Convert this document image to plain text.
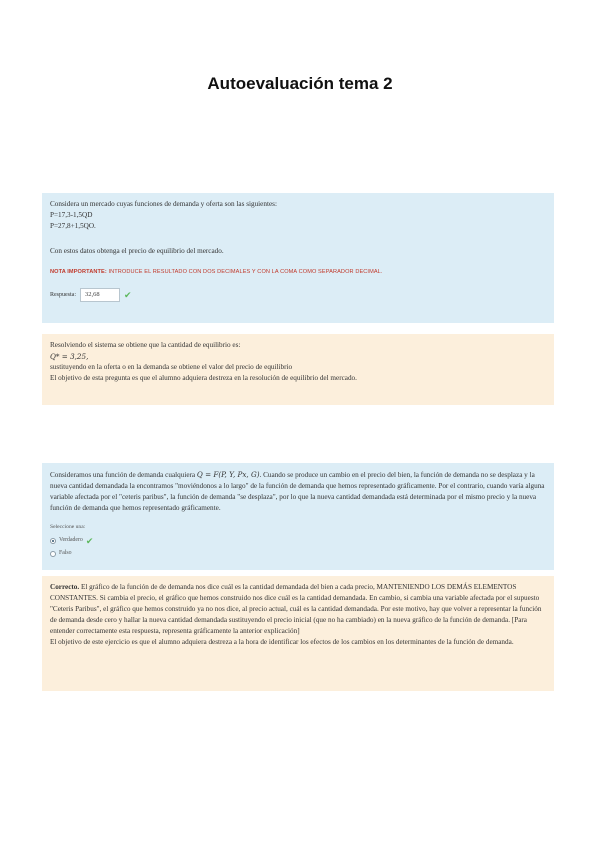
Autoevaluación tema 2

Considera un mercado cuyas funciones de demanda y oferta son las siguientes:

P=17,3-1,5QD

P=27,8+1,5QO.

Con estos datos obtenga el precio de equilibrio del mercado.

NOTA IMPORTANTE: INTRODUCE EL RESULTADO CON DOS DECIMALES Y CON LA COMA COMO SEPARADOR DECIMAL.

Respuesta:	32,68	✔

Resolviendo el sistema se obtiene que la cantidad de equilibrio es:

Q* = 3,25,

sustituyendo en la oferta o en la demanda se obtiene el valor del precio de equilibrio

El objetivo de esta pregunta es que el alumno adquiera destreza en la resolución de equilibrio del mercado.

Consideramos una función de demanda cualquiera Q = F(P, Y, Px, G). Cuando se produce un cambio en el precio del bien, la función de demanda no se desplaza y la nueva cantidad demandada la encontramos "moviéndonos a lo largo" de la función de demanda que hemos representado gráficamente. Por el contrario, cuando varía alguna variable afectada por el "ceteris paribus", la función de demanda "se desplaza", por lo que la nueva cantidad demandada está determinada por el mismo precio y la nueva función de demanda que hemos representado gráficamente.

Seleccione una:

Verdadero ✔
Falso

Correcto. El gráfico de la función de de demanda nos dice cuál es la cantidad demandada del bien a cada precio, MANTENIENDO LOS DEMÁS ELEMENTOS CONSTANTES. Si cambia el precio, el gráfico que hemos construido nos dice cuál es la cantidad demandada. En cambio, si cambia una variable afectada por el supuesto "Ceteris Paribus", el gráfico que hemos construido ya no nos dice, al precio actual, cuál es la cantidad demandada. Por este motivo, hay que volver a representar la función de demanda desde cero y hallar la nueva cantidad demandada sustituyendo el precio inicial (que no ha cambiado) en la nueva gráfico de la función de demanda. [Para entender correctamente esta respuesta, representa gráficamente la anterior explicación]

El objetivo de este ejercicio es que el alumno adquiera destreza a la hora de identificar los efectos de los cambios en los determinantes de la función de demanda.
